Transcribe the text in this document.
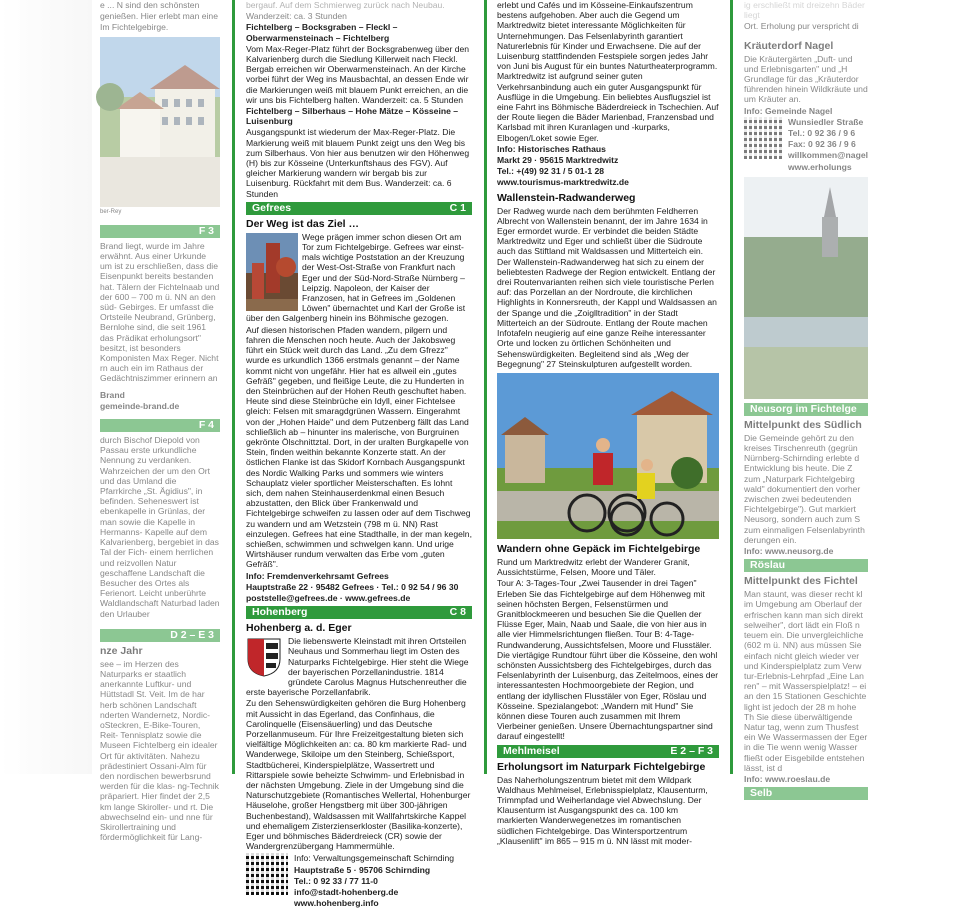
e ... N sind den schönsten

genießen. Hier erlebt man eine

Im Fichtelgebirge.

ber-Rey

F 3

Brand liegt, wurde im Jahre erwähnt. Aus einer Urkunde um ist zu erschließen, dass die Eisenpunkt bereits bestanden hat. Tälern der Fichtelnaab und der 600 – 700 m ü. NN an den süd- Gebirges. Er umfasst die Ortsteile Neubrand, Grünberg, Bernlohe sind, die seit 1961 das Prädikat erholungsort" besitzt, ist besonders Komponisten Max Reger. Nicht rn auch ein im Rathaus der Gedächtniszimmer erinnern an

Brand

gemeinde-brand.de

F 4

durch Bischof Diepold von Passau erste urkundliche Nennung zu verdanken. Wahrzeichen der um den Ort und das Umland die Pfarrkirche „St. Ägidius", in befinden. Seheneswert ist ebenkapelle in Grünlas, der man sowie die Kapelle in Hermanns- Kapelle auf dem Kalvarienberg, bergebiet in das Tal der Fich- einem herrlichen und reizvollen Natur geschaffene Landschaft die Besucher des Ortes als Ferienort. Leicht unberührte Waldlandschaft Naturbad laden den Urlauber

D 2 – E 3
nze Jahr

see – im Herzen des Naturparks er staatlich anerkannte Luftkur- und Hüttstadl St. Veit. Im de har herb schönen Landschaft nderten Wandernetz, Nordic- oSteckren, E-Bike-Touren, Reit- Tennisplatz sowie die Museen Fichtelberg ein idealer Ort für aktivitäten. Nahezu prädestiniert Ossani-Alm für den nordischen bewerbsrund werden für die klas- ng-Technik präpariert. Hier findet der 2,5 km lange Skiroller- und rt. Die abwechselnd ein- und nne für Skirollertraining und fördermöglichkeit für Lang-

bergauf. Auf dem Schmierweg zurück nach Neubau.

Wanderzeit: ca. 3 Stunden

Fichtelberg – Bocksgraben – Fleckl – Oberwarmensteinach – Fichtelberg

Vom Max-Reger-Platz führt der Bocksgrabenweg über den Kalvarienberg durch die Siedlung Killerweit nach Fleckl. Bergab erreichen wir Oberwarmensteinach. An der Kirche vorbei führt der Weg ins Mausbachtal, an dessen Ende wir die Markierungen weiß mit blauem Punkt erreichen, an die wir uns bis Fichtelberg halten. Wanderzeit: ca. 5 Stunden

Fichtelberg – Silberhaus – Hohe Mätze – Kösseine – Luisenburg

Ausgangspunkt ist wiederum der Max-Reger-Platz. Die Markierung weiß mit blauem Punkt zeigt uns den Weg bis zum Silberhaus. Von hier aus benutzen wir den Höhenweg (H) bis zur Kösseine (Unterkunftshaus des FGV). Auf gleicher Markierung wandern wir bergab bis zur Luisenburg. Rückfahrt mit dem Bus. Wanderzeit: ca. 6 Stunden

Gefrees	C 1
Der Weg ist das Ziel …

Wege prägen immer schon diesen Ort am Tor zum Fichtelgebirge. Gefrees war einst-mals wichtige Poststation an der Kreuzung der West-Ost-Straße von Frankfurt nach Eger und der Süd-Nord-Straße Nürnberg – Leipzig. Napoleon, der Kaiser der Franzosen, hat in Gefrees im „Goldenen Löwen" übernachtet und Karl der Große ist über den Galgenberg hinein ins Böhmische gezogen.

Auf diesen historischen Pfaden wandern, pilgern und fahren die Menschen noch heute. Auch der Jakobsweg führt ein Stück weit durch das Land. „Zu dem Gfrezz" wurde es urkundlich 1366 erstmals genannt – der Name kommt nicht von ungefähr. Hier hat es allweil ein „gutes Gefräß" gegeben, und fleißige Leute, die zu Hunderten in den Steinbrüchen auf der Hohen Reuth geschuftet haben. Heute sind diese Steinbrüche ein Idyll, einer Fichtelsee gleich: Felsen mit smaragdgrünen Wassern. Eingerahmt von der „Hohen Haide" und dem Putzenberg fällt das Land schließlich ab – hinunter ins malerische, von Burgruinen gekrönte Ölschnittztal. Dort, in der uralten Burgkapelle von Stein, finden weithin bekannte Konzerte statt. An der östlichen Flanke ist das Skidorf Kornbach Ausgangspunkt des Nordic Walking Parks und sommers wie winters Schauplatz vieler sportlicher Meisterschaften. Es lohnt sich, dem nahen Steinhauserdenkmal einen Besuch abzustatten, den Blick über Frankenwald und Fichtelgebirge schweifen zu lassen oder auf dem Tischweg zu wandern und am Wetzstein (798 m ü. NN) Rast einzulegen. Gefrees hat eine Stadthalle, in der man kegeln, schießen, schwimmen und schwelgen kann. Und urige Wirtshäuser rundum verwalten das Erbe vom „guten Gefräß".

Info: Fremdenverkehrsamt Gefrees

Hauptstraße 22 · 95482 Gefrees · Tel.: 0 92 54 / 96 30

poststelle@gefrees.de · www.gefrees.de

Hohenberg	C 8
Hohenberg a. d. Eger

Die liebenswerte Kleinstadt mit ihren Ortsteilen Neuhaus und Sommerhau liegt im Osten des Naturparks Fichtelgebirge. Hier steht die Wiege der bayerischen Porzellanindustrie. 1814 gründete Carolus Magnus Hutschenreuther die erste bayerische Porzellanfabrik.

Zu den Sehenswürdigkeiten gehören die Burg Hohenberg mit Aussicht in das Egerland, das Confinhaus, die Carolinquelle (Eisensäuerling) und das Deutsche Porzellanmuseum. Für Ihre Freizeitgestaltung bieten sich vielfältige Möglichkeiten an: ca. 80 km markierte Rad- und Wanderwege, Skiloipe um den Steinberg, Schießsport, Stadtbücherei, Kinderspielplätze, Wassertrett und Rittarspiele sowie beheizte Schwimm- und Erlebnisbad in der nächsten Umgebung. Ziele in der Umgebung sind die Naturschutzgebiete (Romantisches Wellertal, Hohenburger Häuselohe, großer Hengstberg mit über 300-jährigen Buchenbestand), Waldsassen mit Wallfahrtskirche Kappel und ehemaligem Zisterzienserkloster (Basilika-konzerte), Eger und böhmisches Bäderdreieck (CR) sowie der Wandergrenzübergang Hammermühle.

Info: Verwaltungsgemeinschaft Schirnding

Hauptstraße 5 · 95706 Schirnding

Tel.: 0 92 33 / 77 11-0

info@stadt-hohenberg.de

www.hohenberg.info

erlebt und Cafés und im Kösseine-Einkaufszentrum bestens aufgehoben. Aber auch die Gegend um Marktredwitz bietet interessante Möglichkeiten für Unternehmungen. Das Felsenlabyrinth garantiert Naturerlebnis für Kinder und Erwachsene. Die auf der Luisenburg stattfindenden Festspiele sorgen jedes Jahr von Juni bis August für ein buntes Naturtheaterprogramm. Marktredwitz ist aufgrund seiner guten Verkehrsanbindung auch ein guter Ausgangspunkt für Ausflüge in die Umgebung. Ein beliebtes Ausflugsziel ist eine Fahrt ins Böhmische Bäderdreieck in Tschechien. Auf der Route liegen die Bäder Marienbad, Franzensbad und Karlsbad mit ihren Kuranlagen und -kurparks, Elbogen/Loket sowie Eger.

Info: Historisches Rathaus

Markt 29 · 95615 Marktredwitz

Tel.: +(49) 92 31 / 5 01-1 28

www.tourismus-marktredwitz.de

Wallenstein-Radwanderweg

Der Radweg wurde nach dem berühmten Feldherren Albrecht von Wallenstein benannt, der im Jahre 1634 in Eger ermordet wurde. Er verbindet die beiden Städte Marktredwitz und Eger und schließt über die Südroute auch das Stiftland mit Waldsassen und Mitterteich ein. Der Wallenstein-Radwanderweg hat sich zu einem der beliebtesten Radwege der Region entwickelt. Entlang der drei Routenvarianten reihen sich viele touristische Perlen auf: das Porzellan an der Nordroute, die kirchlichen Highlights in Konnersreuth, der Kappl und Waldsassen an der Spange und die „Zoiglltradition" in der Stadt Mitterteich an der Südroute. Entlang der Route machen Infotafeln neugierig auf eine ganze Reihe interessanter Orte und locken zu örtlichen Schönheiten und Sehenswürdigkeiten. Begleitend sind als „Weg der Begegnung" 27 Steinskulpturen aufgestellt worden.

Wandern ohne Gepäck im Fichtelgebirge

Rund um Marktredwitz erlebt der Wanderer Granit, Aussichtstürme, Felsen, Moore und Täler.

Tour A: 3-Tages-Tour „Zwei Tausender in drei Tagen" Erleben Sie das Fichtelgebirge auf dem Höhenweg mit seinen höchsten Bergen, Felsenstürmen und Granitblockmeeren und besuchen Sie die Quellen der Flüsse Eger, Main, Naab und Saale, die von hier aus in alle vier Himmelsrichtungen fließen. Tour B: 4-Tage-Rundwanderung, Aussichtsfelsen, Moore und Flusstäler. Die viertägige Rundtour führt über die Kösseine, den wohl schönsten Aussichtsberg des Fichtelgebirges, durch das Felsenlabyrinth der Luisenburg, das Zeitelmoos, eines der interessantesten Hochmoorgebiete der Region, und entlang der idyllischen Flusstäler von Eger, Röslau und Kösseine. Spezialangebot: „Wandern mit Hund" Sie können diese Touren auch zusammen mit Ihrem Vierbeiner genießen. Unsere Übernachtungspartner sind darauf eingestellt!

Mehlmeisel	E 2 – F 3
Erholungsort im Naturpark Fichtelgebirge

Das Naherholungszentrum bietet mit dem Wildpark Waldhaus Mehlmeisel, Erlebnisspielplatz, Klausenturm, Trimmpfad und Weiherlandage viel Abwechslung. Der Klausenturm ist Ausgangspunkt des ca. 100 km markierten Wanderwegenetzes im romantischen südlichen Fichtelgebirge. Das Wintersportzentrum „Klausenlift" im 865 – 915 m ü. NN lässt mit moder-

ig erschließt mit dreizehn Bäder liegt

Ort. Erholung pur verspricht di

Kräuterdorf Nagel

Die Kräutergärten „Duft- und und Erlebnisgarten" und „H Grundlage für das „Kräuterdor führenden hinein Wildkräute und um Kräuter an.

Info: Gemeinde Nagel

Wunsiedler Straße

Tel.: 0 92 36 / 9 6

Fax: 0 92 36 / 9 6

willkommen@nagel

www.erholungs

Neusorg im Fichtelge
Mittelpunkt des Südlich

Die Gemeinde gehört zu den kreises Tirschenreuth (gegrün Nürnberg-Schirnding erlebte d Entwicklung bis heute. Die Z zum „Naturpark Fichtelgebirg wald" dokumentiert den vorher zwischen zwei bedeutenden Fichtelgebirge"). Gut markiert Neusorg, sondern auch zum S zum einmaligen Felsenlabyrinth derungen ein.

Info: www.neusorg.de

Röslau
Mittelpunkt des Fichtel

Man staunt, was dieser recht kl im Umgebung am Oberlauf der erfrischen kann man sich direkt selweiher", dort lädt ein Floß n teuem ein. Die unvergleichliche (602 m ü. NN) aus müssen Sie einfach nicht gleich wieder ver und Kinderspielplatz zum Verw tur-Erlebnis-Lehrpfad „Eine Lan ren" – mit Wasserspielplatz! – ei an den 15 Stationen Geschichte light ist jedoch der 28 m hohe Th Sie diese überwältigende Natur tag, wenn zum Thusfest ein We Wassermassen der Eger in die Tie wenn wenig Wasser fließt oder Eisgebilde entstehen lässt, ist d

Info: www.roeslau.de

Selb
